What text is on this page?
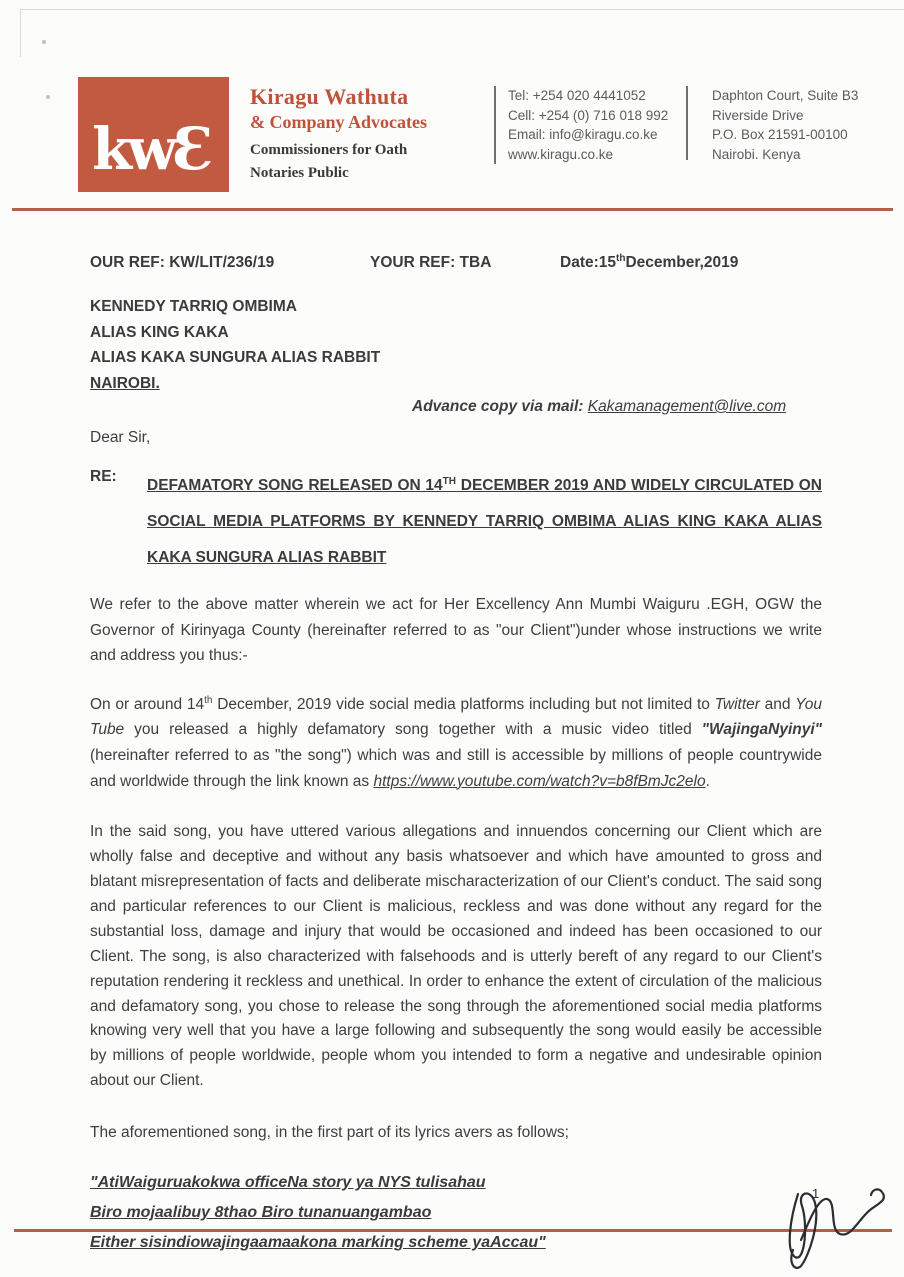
kwƐ
Kiragu Wathuta
& Company Advocates
Commissioners for Oath
Notaries Public
Tel: +254 020 4441052
Cell: +254 (0) 716 018 992
Email: info@kiragu.co.ke
www.kiragu.co.ke
Daphton Court, Suite B3
Riverside Drive
P.O. Box 21591-00100
Nairobi. Kenya
OUR REF: KW/LIT/236/19	YOUR REF: TBA	Date:15thDecember,2019
KENNEDY TARRIQ OMBIMA
ALIAS KING KAKA
ALIAS KAKA SUNGURA ALIAS RABBIT
NAIROBI.
Advance copy via mail: Kakamanagement@live.com
Dear Sir,
RE:
DEFAMATORY SONG RELEASED ON 14TH DECEMBER 2019 AND WIDELY CIRCULATED ON SOCIAL MEDIA PLATFORMS BY KENNEDY TARRIQ OMBIMA ALIAS KING KAKA ALIAS KAKA SUNGURA ALIAS RABBIT
We refer to the above matter wherein we act for Her Excellency Ann Mumbi Waiguru .EGH, OGW the Governor of Kirinyaga County (hereinafter referred to as "our Client")under whose instructions we write and address you thus:-
On or around 14th December, 2019 vide social media platforms including but not limited to Twitter and You Tube you released a highly defamatory song together with a music video titled "WajingaNyinyi"(hereinafter referred to as "the song") which was and still is accessible by millions of people countrywide and worldwide through the link known as https://www.youtube.com/watch?v=b8fBmJc2elo.
In the said song, you have uttered various allegations and innuendos concerning our Client which are wholly false and deceptive and without any basis whatsoever and which have amounted to gross and blatant misrepresentation of facts and deliberate mischaracterization of our Client's conduct. The said song and particular references to our Client is malicious, reckless and was done without any regard for the substantial loss, damage and injury that would be occasioned and indeed has been occasioned to our Client. The song, is also characterized with falsehoods and is utterly bereft of any regard to our Client's reputation rendering it reckless and unethical. In order to enhance the extent of circulation of the malicious and defamatory song, you chose to release the song through the aforementioned social media platforms knowing very well that you have a large following and subsequently the song would easily be accessible by millions of people worldwide, people whom you intended to form a negative and undesirable opinion about our Client.
The aforementioned song, in the first part of its lyrics avers as follows;
"AtiWaiguruakokwa officeNa story ya NYS tulisahau
Biro mojaalibuy 8thao Biro tunanuangambao
Either sisindiowajingaamaakona marking scheme yaAccau"
1
